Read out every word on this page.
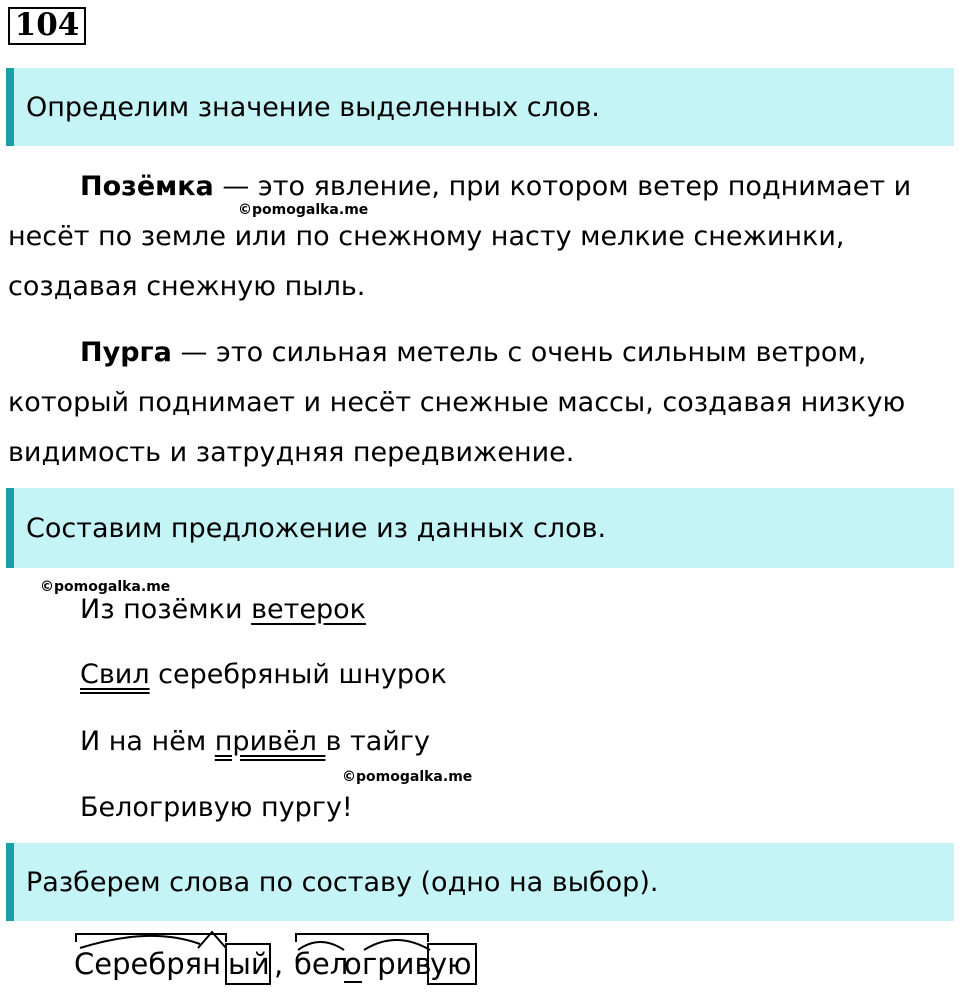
104
Определим значение выделенных слов.

Позёмка — это явление, при котором ветер поднимает и несёт по земле или по снежному насту мелкие снежинки, создавая снежную пыль.

©pomogalka.me

Пурга — это сильная метель с очень сильным ветром, который поднимает и несёт снежные массы, создавая низкую видимость и затрудняя передвижение.

Составим предложение из данных слов.
©pomogalka.me
Из позёмки ветерок
Свил серебряный шнурок
И на нём привёл в тайгу
©pomogalka.me
Белогривую пургу!
Разберем слова по составу (одно на выбор).
Серебрян ый , бел
о грив
ую
